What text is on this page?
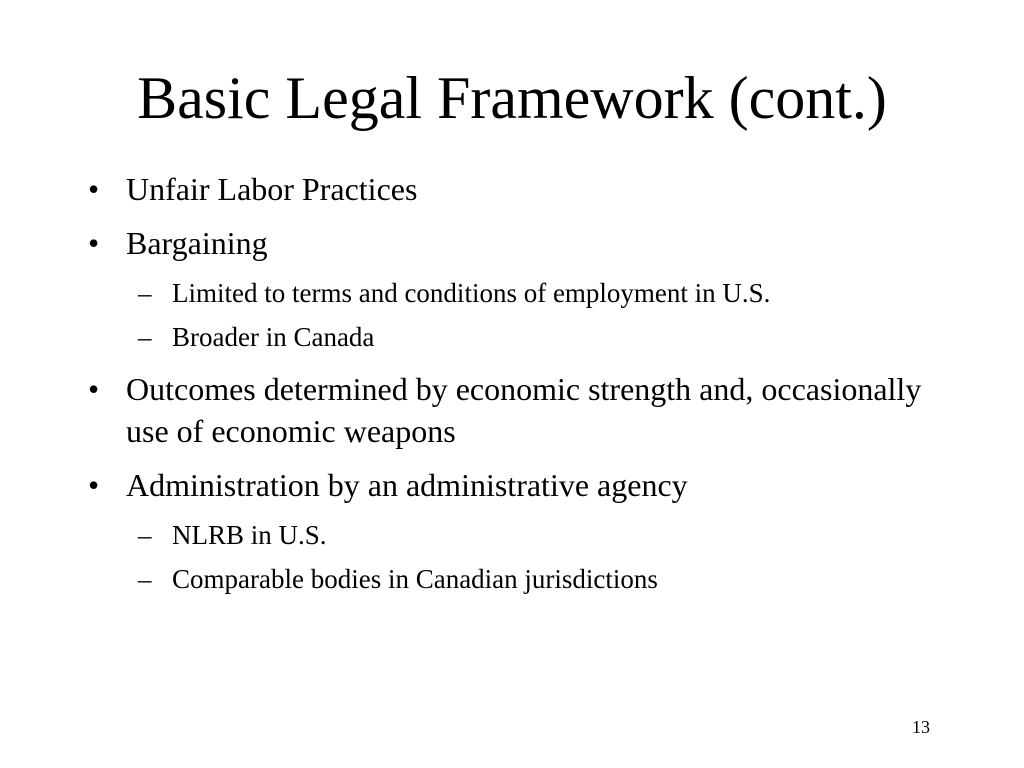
Basic Legal Framework (cont.)
• Unfair Labor Practices
• Bargaining
– Limited to terms and conditions of employment in U.S.
– Broader in Canada
• Outcomes determined by economic strength and, occasionally use of economic weapons
• Administration by an administrative agency
– NLRB in U.S.
– Comparable bodies in Canadian jurisdictions
13
